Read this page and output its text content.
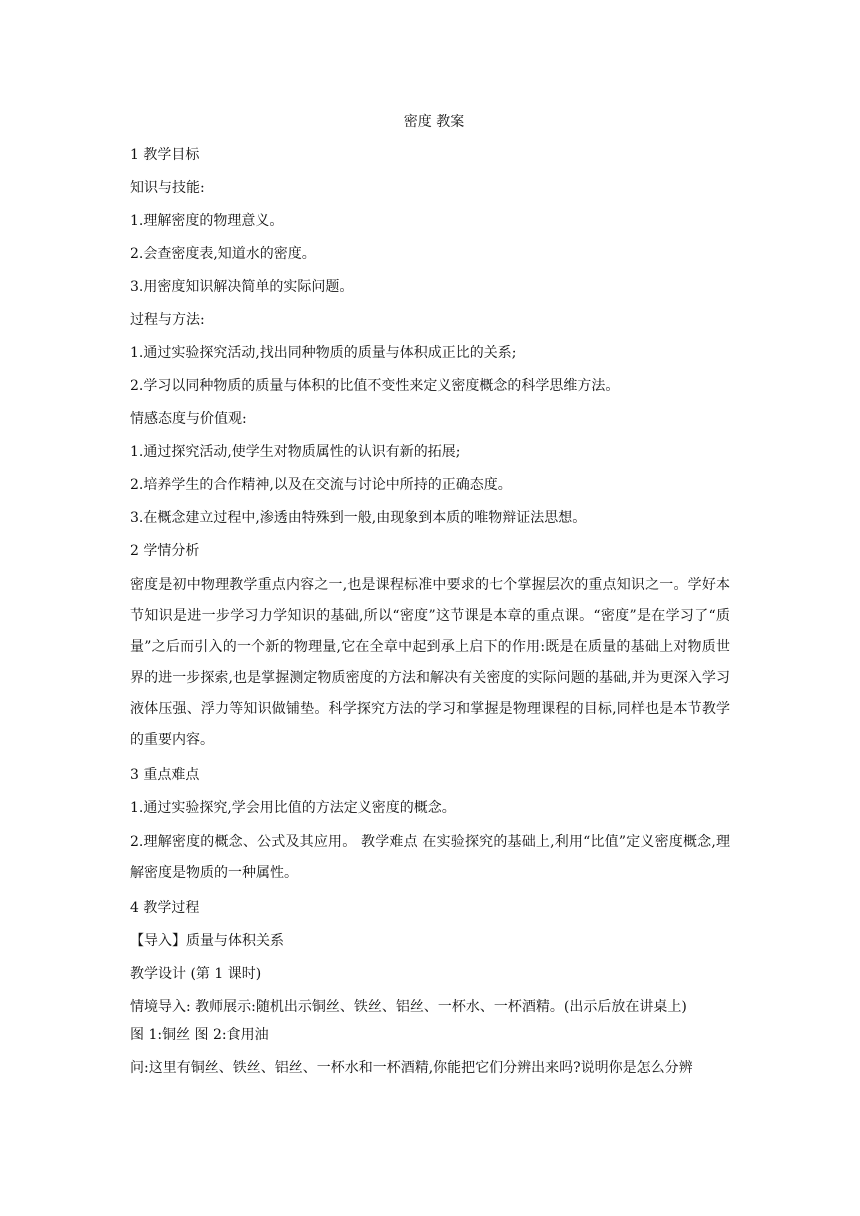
密度 教案

1 教学目标

知识与技能:

1.理解密度的物理意义。

2.会查密度表,知道水的密度。

3.用密度知识解决简单的实际问题。

过程与方法:

1.通过实验探究活动,找出同种物质的质量与体积成正比的关系;

2.学习以同种物质的质量与体积的比值不变性来定义密度概念的科学思维方法。

情感态度与价值观:

1.通过探究活动,使学生对物质属性的认识有新的拓展;

2.培养学生的合作精神,以及在交流与讨论中所持的正确态度。

3.在概念建立过程中,渗透由特殊到一般,由现象到本质的唯物辩证法思想。

2 学情分析

密度是初中物理教学重点内容之一,也是课程标准中要求的七个掌握层次的重点知识之一。学好本节知识是进一步学习力学知识的基础,所以“密度”这节课是本章的重点课。“密度”是在学习了“质量”之后而引入的一个新的物理量,它在全章中起到承上启下的作用:既是在质量的基础上对物质世界的进一步探索,也是掌握测定物质密度的方法和解决有关密度的实际问题的基础,并为更深入学习液体压强、浮力等知识做铺垫。科学探究方法的学习和掌握是物理课程的目标,同样也是本节教学的重要内容。

3 重点难点

1.通过实验探究,学会用比值的方法定义密度的概念。

2.理解密度的概念、公式及其应用。 教学难点 在实验探究的基础上,利用“比值”定义密度概念,理解密度是物质的一种属性。

4 教学过程

【导入】质量与体积关系

教学设计 (第 1 课时)

情境导入: 教师展示:随机出示铜丝、铁丝、铝丝、一杯水、一杯酒精。(出示后放在讲桌上)

图 1:铜丝 图 2:食用油

问:这里有铜丝、铁丝、铝丝、一杯水和一杯酒精,你能把它们分辨出来吗?说明你是怎么分辨
